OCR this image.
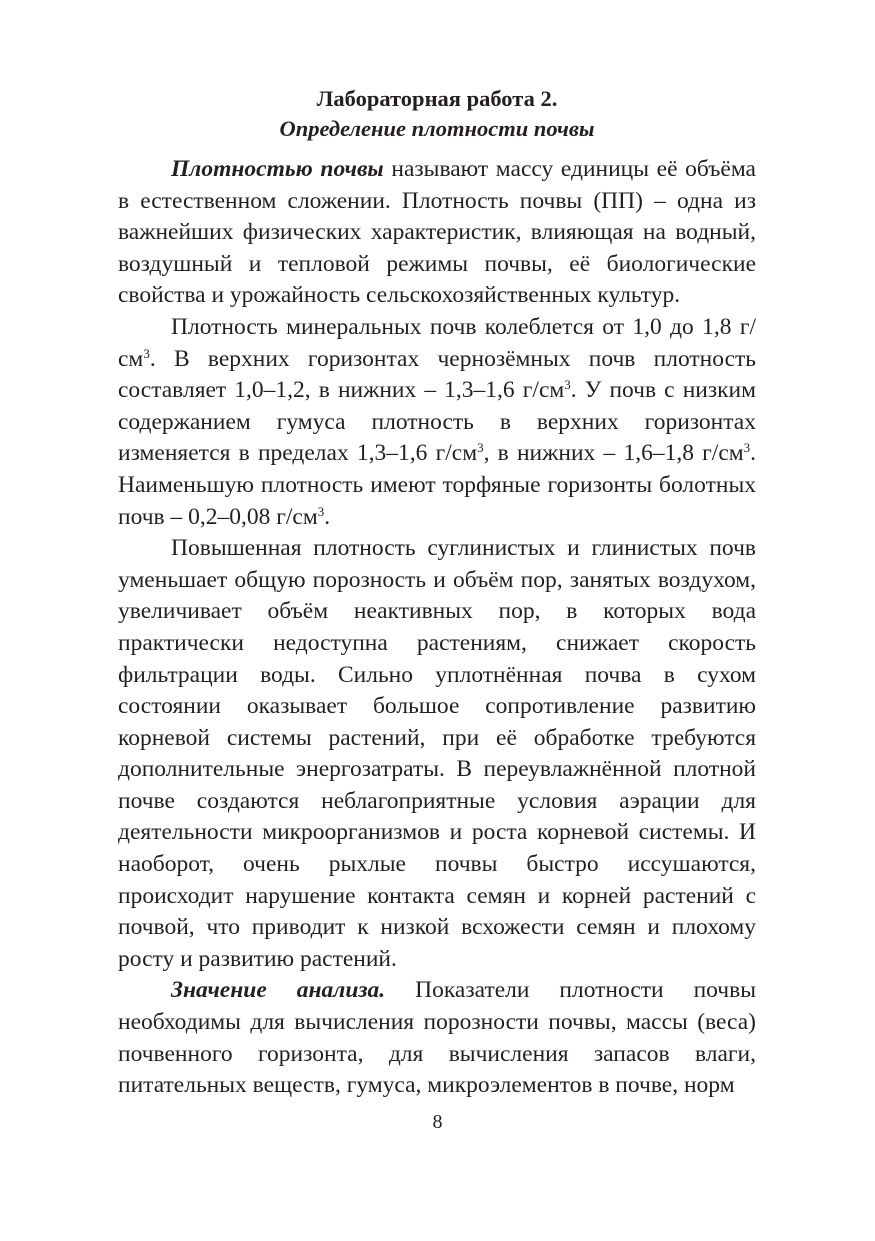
Лабораторная работа 2.

Определение плотности почвы

Плотностью почвы называют массу единицы её объёма в естественном сложении. Плотность почвы (ПП) – одна из важнейших физических характеристик, влияющая на водный, воздушный и тепловой режимы почвы, её биологические свойства и урожайность сельскохозяйственных культур.

Плотность минеральных почв колеблется от 1,0 до 1,8 $г/см^3$. В верхних горизонтах чернозёмных почв плотность составляет 1,0–1,2, в нижних – 1,3–1,6 $г/см^3$. У почв с низким содержанием гумуса плотность в верхних горизонтах изменяется в пределах 1,3–1,6 $г/см^3$, в нижних – 1,6–1,8 $г/см^3$. Наименьшую плотность имеют торфяные горизонты болотных почв – 0,2–0,08 $г/см^3$.

Повышенная плотность суглинистых и глинистых почв уменьшает общую порозность и объём пор, занятых воздухом, увеличивает объём неактивных пор, в которых вода практически недоступна растениям, снижает скорость фильтрации воды. Сильно уплотнённая почва в сухом состоянии оказывает большое сопротивление развитию корневой системы растений, при её обработке требуются дополнительные энергозатраты. В переувлажнённой плотной почве создаются неблагоприятные условия аэрации для деятельности микроорганизмов и роста корневой системы. И наоборот, очень рыхлые почвы быстро иссушаются, происходит нарушение контакта семян и корней растений с почвой, что приводит к низкой всхожести семян и плохому росту и развитию растений.

Значение анализа. Показатели плотности почвы необходимы для вычисления порозности почвы, массы (веса) почвенного горизонта, для вычисления запасов влаги, питательных веществ, гумуса, микроэлементов в почве, норм

8
